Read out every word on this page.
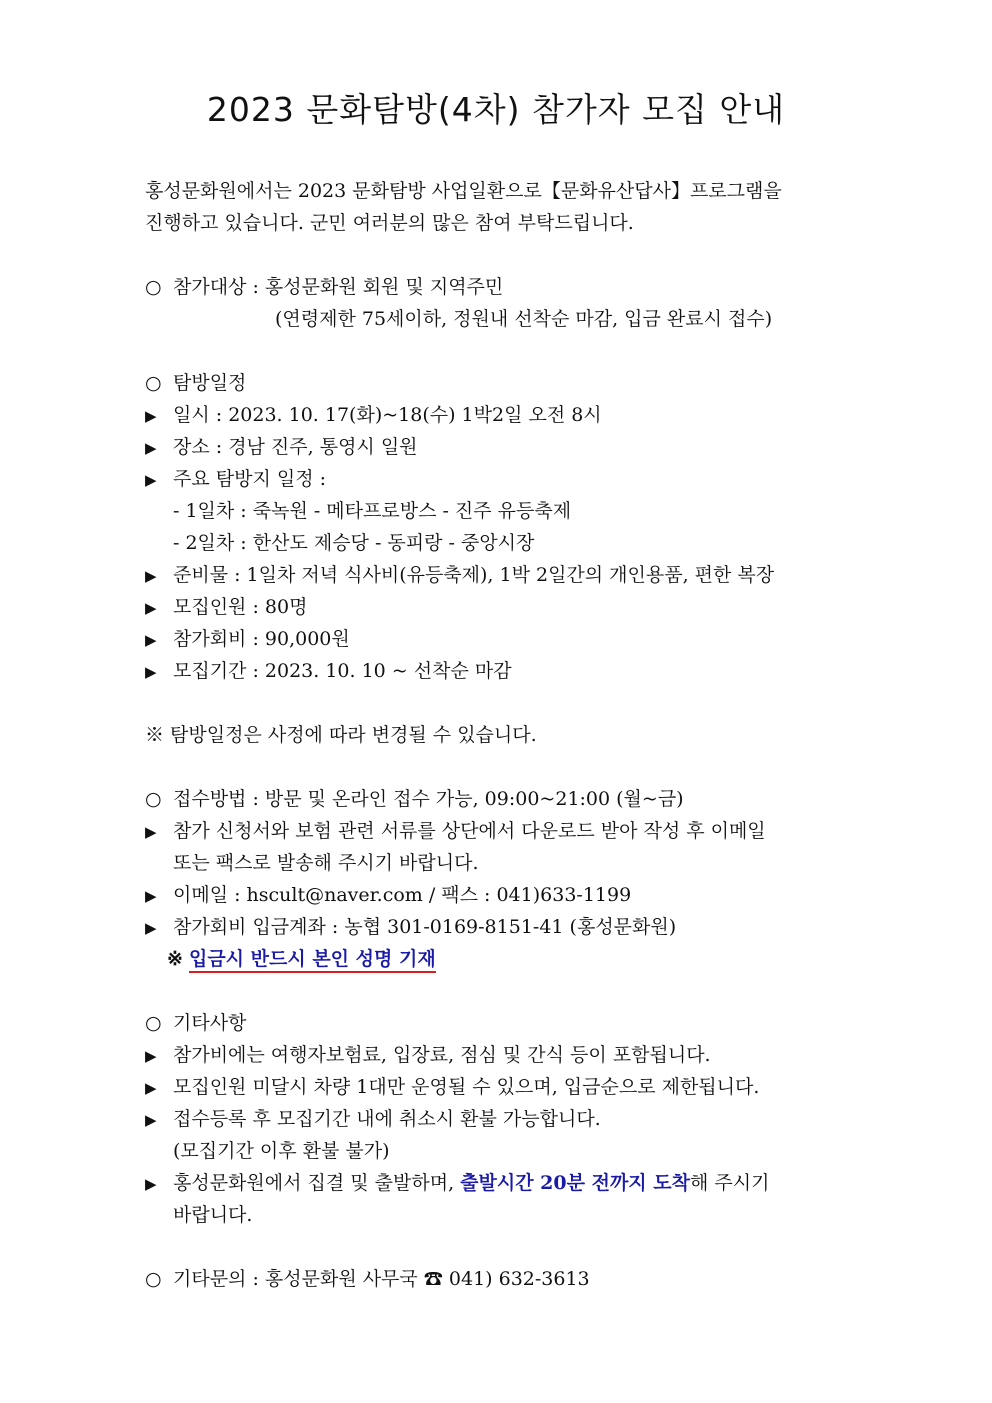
2023 문화탐방(4차) 참가자 모집 안내
홍성문화원에서는 2023 문화탐방 사업일환으로【문화유산답사】프로그램을
진행하고 있습니다. 군민 여러분의 많은 참여 부탁드립니다.
○ 참가대상 : 홍성문화원 회원 및 지역주민
(연령제한 75세이하, 정원내 선착순 마감, 입금 완료시 접수)
○ 탐방일정
▶ 일시 : 2023. 10. 17(화)~18(수) 1박2일 오전 8시
▶ 장소 : 경남 진주, 통영시 일원
▶ 주요 탐방지 일정 :
- 1일차 : 죽녹원 - 메타프로방스 - 진주 유등축제
- 2일차 : 한산도 제승당 - 동피랑 - 중앙시장
▶ 준비물 : 1일차 저녁 식사비(유등축제), 1박 2일간의 개인용품, 편한 복장
▶ 모집인원 : 80명
▶ 참가회비 : 90,000원
▶ 모집기간 : 2023. 10. 10 ~ 선착순 마감
※ 탐방일정은 사정에 따라 변경될 수 있습니다.
○ 접수방법 : 방문 및 온라인 접수 가능, 09:00~21:00 (월~금)
▶ 참가 신청서와 보험 관련 서류를 상단에서 다운로드 받아 작성 후 이메일
또는 팩스로 발송해 주시기 바랍니다.
▶ 이메일 : hscult@naver.com / 팩스 : 041)633-1199
▶ 참가회비 입금계좌 : 농협 301-0169-8151-41 (홍성문화원)
※ 입금시 반드시 본인 성명 기재
○ 기타사항
▶ 참가비에는 여행자보험료, 입장료, 점심 및 간식 등이 포함됩니다.
▶ 모집인원 미달시 차량 1대만 운영될 수 있으며, 입금순으로 제한됩니다.
▶ 접수등록 후 모집기간 내에 취소시 환불 가능합니다.
(모집기간 이후 환불 불가)
▶ 홍성문화원에서 집결 및 출발하며, 출발시간 20분 전까지 도착해 주시기
바랍니다.
○ 기타문의 : 홍성문화원 사무국 ☎ 041) 632-3613
